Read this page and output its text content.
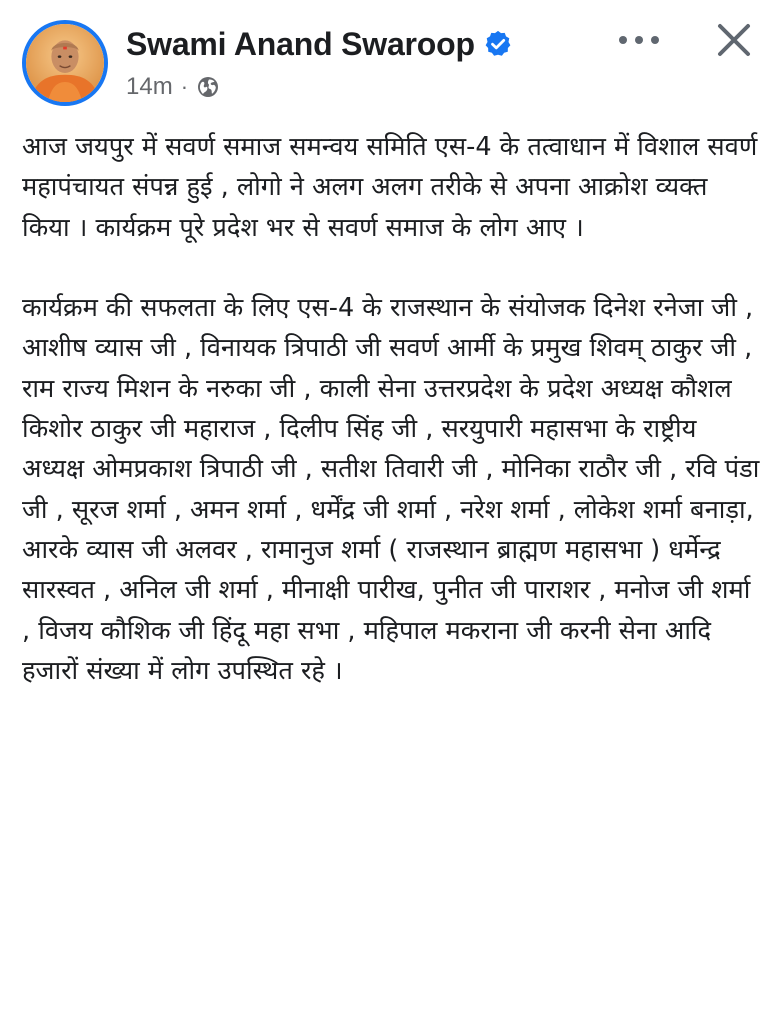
Swami Anand Swaroop
14m ·

आज जयपुर में सवर्ण समाज समन्वय समिति एस-4 के तत्वाधान में विशाल सवर्ण महापंचायत संपन्न हुई , लोगो ने अलग अलग तरीके से अपना आक्रोश व्यक्त किया । कार्यक्रम पूरे प्रदेश भर से सवर्ण समाज के लोग आए ।

कार्यक्रम की सफलता के लिए एस-4 के राजस्थान के संयोजक दिनेश रनेजा जी , आशीष व्यास जी , विनायक त्रिपाठी जी सवर्ण आर्मी के प्रमुख शिवम् ठाकुर जी , राम राज्य मिशन के नरुका जी , काली सेना उत्तरप्रदेश के प्रदेश अध्यक्ष कौशल किशोर ठाकुर जी महाराज , दिलीप सिंह जी , सरयुपारी महासभा के राष्ट्रीय अध्यक्ष ओमप्रकाश त्रिपाठी जी , सतीश तिवारी जी , मोनिका राठौर जी , रवि पंडा जी , सूरज शर्मा , अमन शर्मा , धर्मेंद्र जी शर्मा , नरेश शर्मा , लोकेश शर्मा बनाड़ा, आरके व्यास जी अलवर , रामानुज शर्मा ( राजस्थान ब्राह्मण महासभा ) धर्मेन्द्र सारस्वत , अनिल जी शर्मा , मीनाक्षी पारीख, पुनीत जी पाराशर , मनोज जी शर्मा , विजय कौशिक जी हिंदू महा सभा , महिपाल मकराना जी करनी सेना आदि हजारों संख्या में लोग उपस्थित रहे ।
